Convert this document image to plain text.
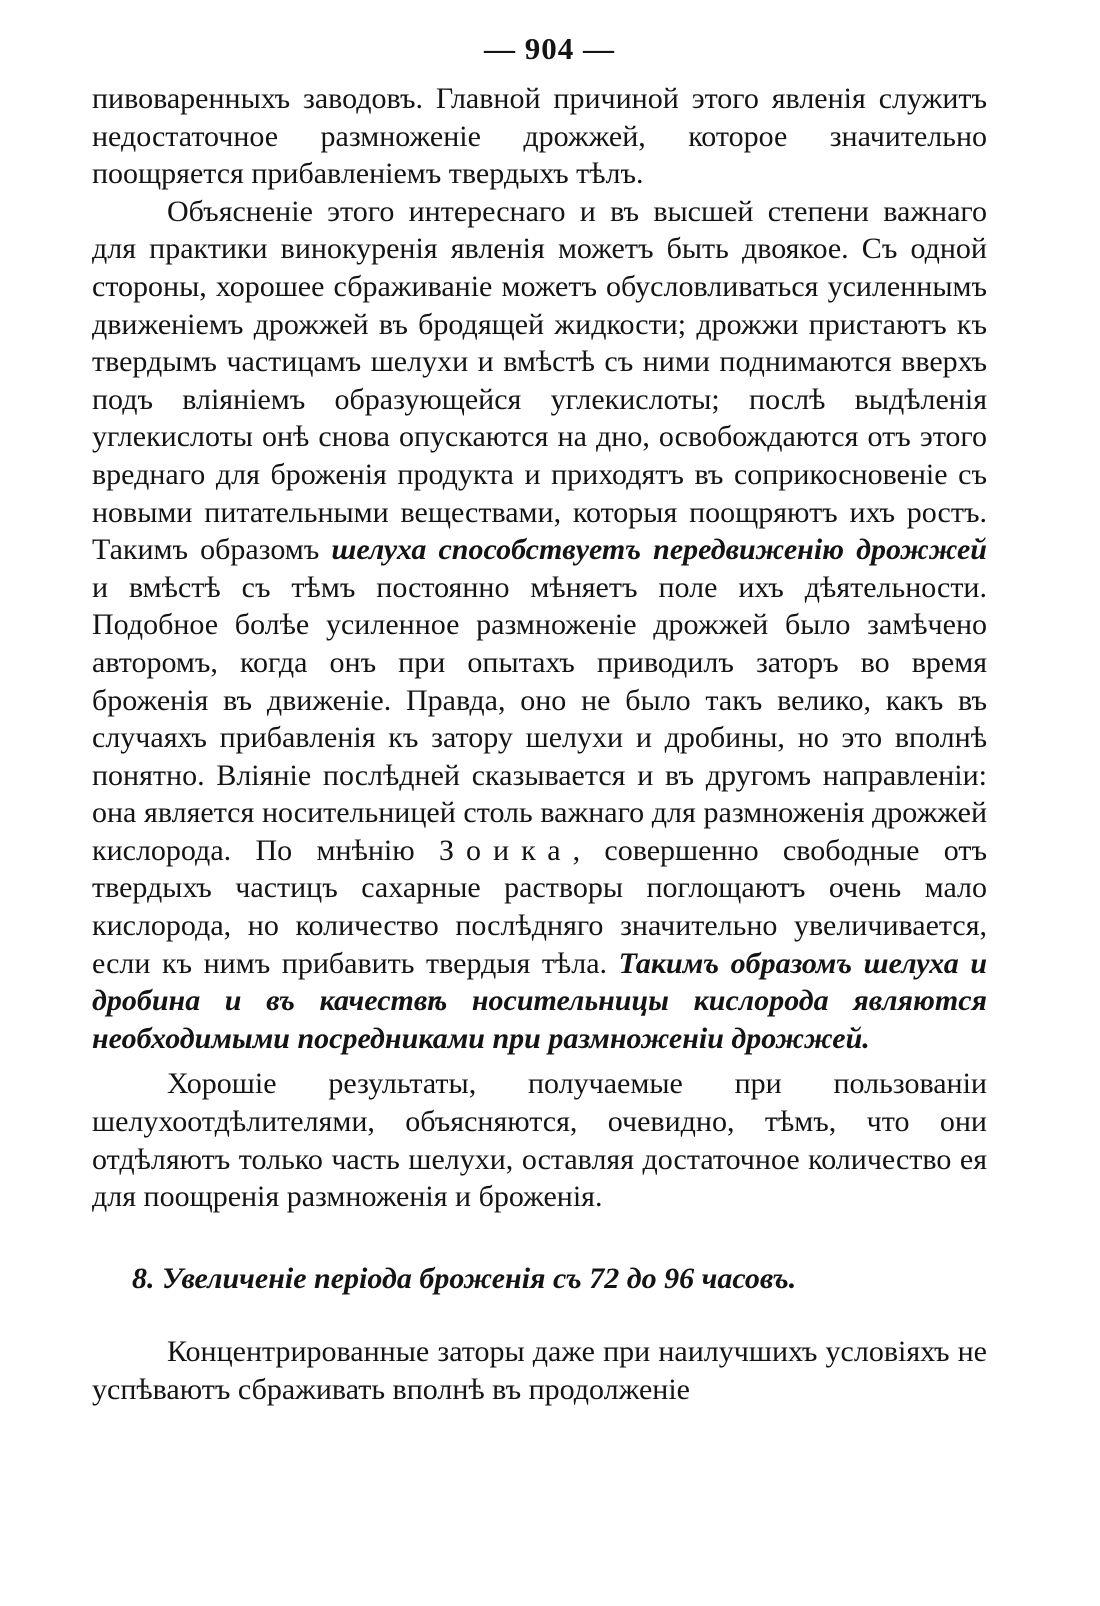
— 904 —

пивоваренныхъ заводовъ. Главной причиной этого явленія служитъ недостаточное размноженіе дрожжей, которое значительно поощряется прибавленіемъ твердыхъ тѣлъ.

Объясненіе этого интереснаго и въ высшей степени важнаго для практики винокуренія явленія можетъ быть двоякое. Съ одной стороны, хорошее сбраживаніе можетъ обусловливаться усиленнымъ движеніемъ дрожжей въ бродящей жидкости; дрожжи пристаютъ къ твердымъ частицамъ шелухи и вмѣстѣ съ ними поднимаются вверхъ подъ вліяніемъ образующейся углекислоты; послѣ выдѣленія углекислоты онѣ снова опускаются на дно, освобождаются отъ этого вреднаго для броженія продукта и приходятъ въ соприкосновеніе съ новыми питательными веществами, которыя поощряютъ ихъ ростъ. Такимъ образомъ шелуха способствуетъ передвиженію дрожжей и вмѣстѣ съ тѣмъ постоянно мѣняетъ поле ихъ дѣятельности. Подобное болѣе усиленное размноженіе дрожжей было замѣчено авторомъ, когда онъ при опытахъ приводилъ заторъ во время броженія въ движеніе. Правда, оно не было такъ велико, какъ въ случаяхъ прибавленія къ затору шелухи и дробины, но это вполнѣ понятно. Вліяніе послѣдней сказывается и въ другомъ направленіи: она является носительницей столь важнаго для размноженія дрожжей кислорода. По мнѣнію Зоика, совершенно свободные отъ твердыхъ частицъ сахарные растворы поглощаютъ очень мало кислорода, но количество послѣдняго значительно увеличивается, если къ нимъ прибавить твердыя тѣла. Такимъ образомъ шелуха и дробина и въ качествѣ носительницы кислорода являются необходимыми посредниками при размноженіи дрожжей.

Хорошіе результаты, получаемые при пользованіи шелухоотдѣлителями, объясняются, очевидно, тѣмъ, что они отдѣляютъ только часть шелухи, оставляя достаточное количество ея для поощренія размноженія и броженія.

8. Увеличеніе періода броженія съ 72 до 96 часовъ.

Концентрированные заторы даже при наилучшихъ условіяхъ не успѣваютъ сбраживать вполнѣ въ продолженіе
